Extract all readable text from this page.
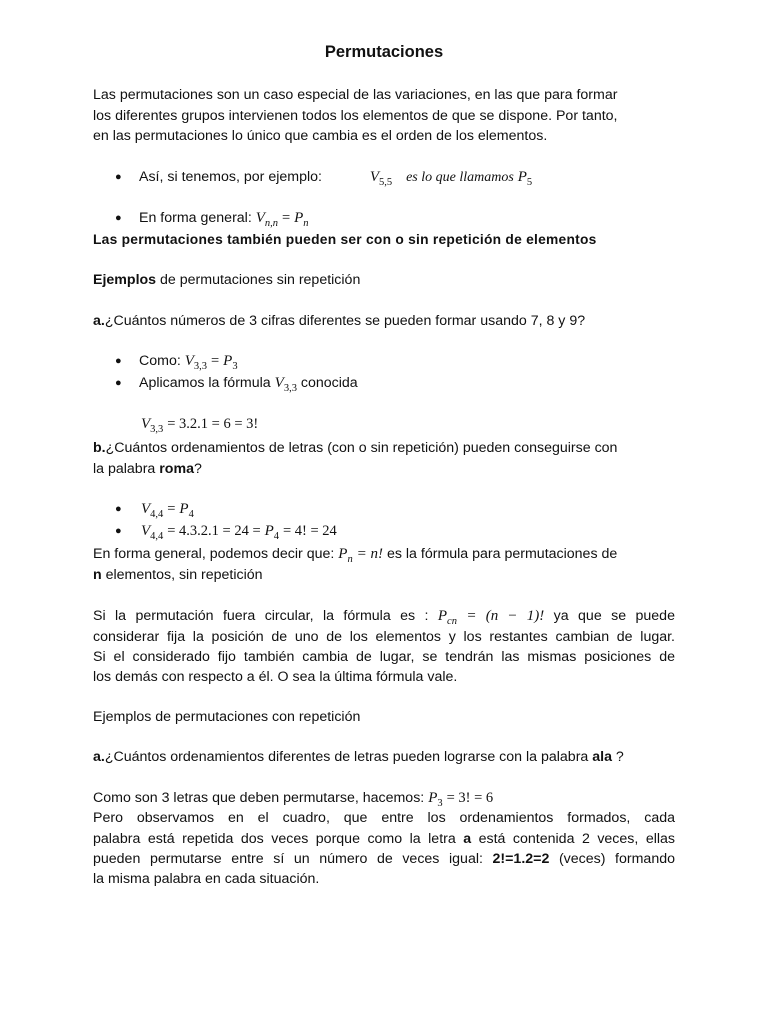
Permutaciones
Las permutaciones son un caso especial de las variaciones, en las que para formar
los diferentes grupos intervienen todos los elementos de que se dispone. Por tanto,
en las permutaciones lo único que cambia es el orden de los elementos.
● Así, si tenemos, por ejemplo:	$V_{5,5}$ es lo que llamamos $P_5$
● En forma general: $V_{n,n} = P_n$
Las permutaciones también pueden ser con o sin repetición de elementos
Ejemplos de permutaciones sin repetición
a.¿Cuántos números de 3 cifras diferentes se pueden formar usando 7, 8 y 9?
● Como: $V_{3,3} = P_3$
● Aplicamos la fórmula $V_{3,3}$ conocida
$V_{3,3} = 3.2.1 = 6 = 3$!
b.¿Cuántos ordenamientos de letras (con o sin repetición) pueden conseguirse con
la palabra roma?
● $V_{4,4} = P_4$
● $V_{4,4} = 4.3.2.1 = 24 = P_4 = 4$! = 24
En forma general, podemos decir que: $P_n = n$! es la fórmula para permutaciones de
n elementos, sin repetición
Si la permutación fuera circular, la fórmula es : $P_{cn} = (n - 1)$! ya que se puede
considerar fija la posición de uno de los elementos y los restantes cambian de lugar.
Si el considerado fijo también cambia de lugar, se tendrán las mismas posiciones de
los demás con respecto a él. O sea la última fórmula vale.
Ejemplos de permutaciones con repetición
a.¿Cuántos ordenamientos diferentes de letras pueden lograrse con la palabra ala ?
Como son 3 letras que deben permutarse, hacemos: $P_3 = 3$! = 6
Pero observamos en el cuadro, que entre los ordenamientos formados, cada
palabra está repetida dos veces porque como la letra a está contenida 2 veces, ellas
pueden permutarse entre sí un número de veces igual: 2!=1.2=2 (veces) formando
la misma palabra en cada situación.
